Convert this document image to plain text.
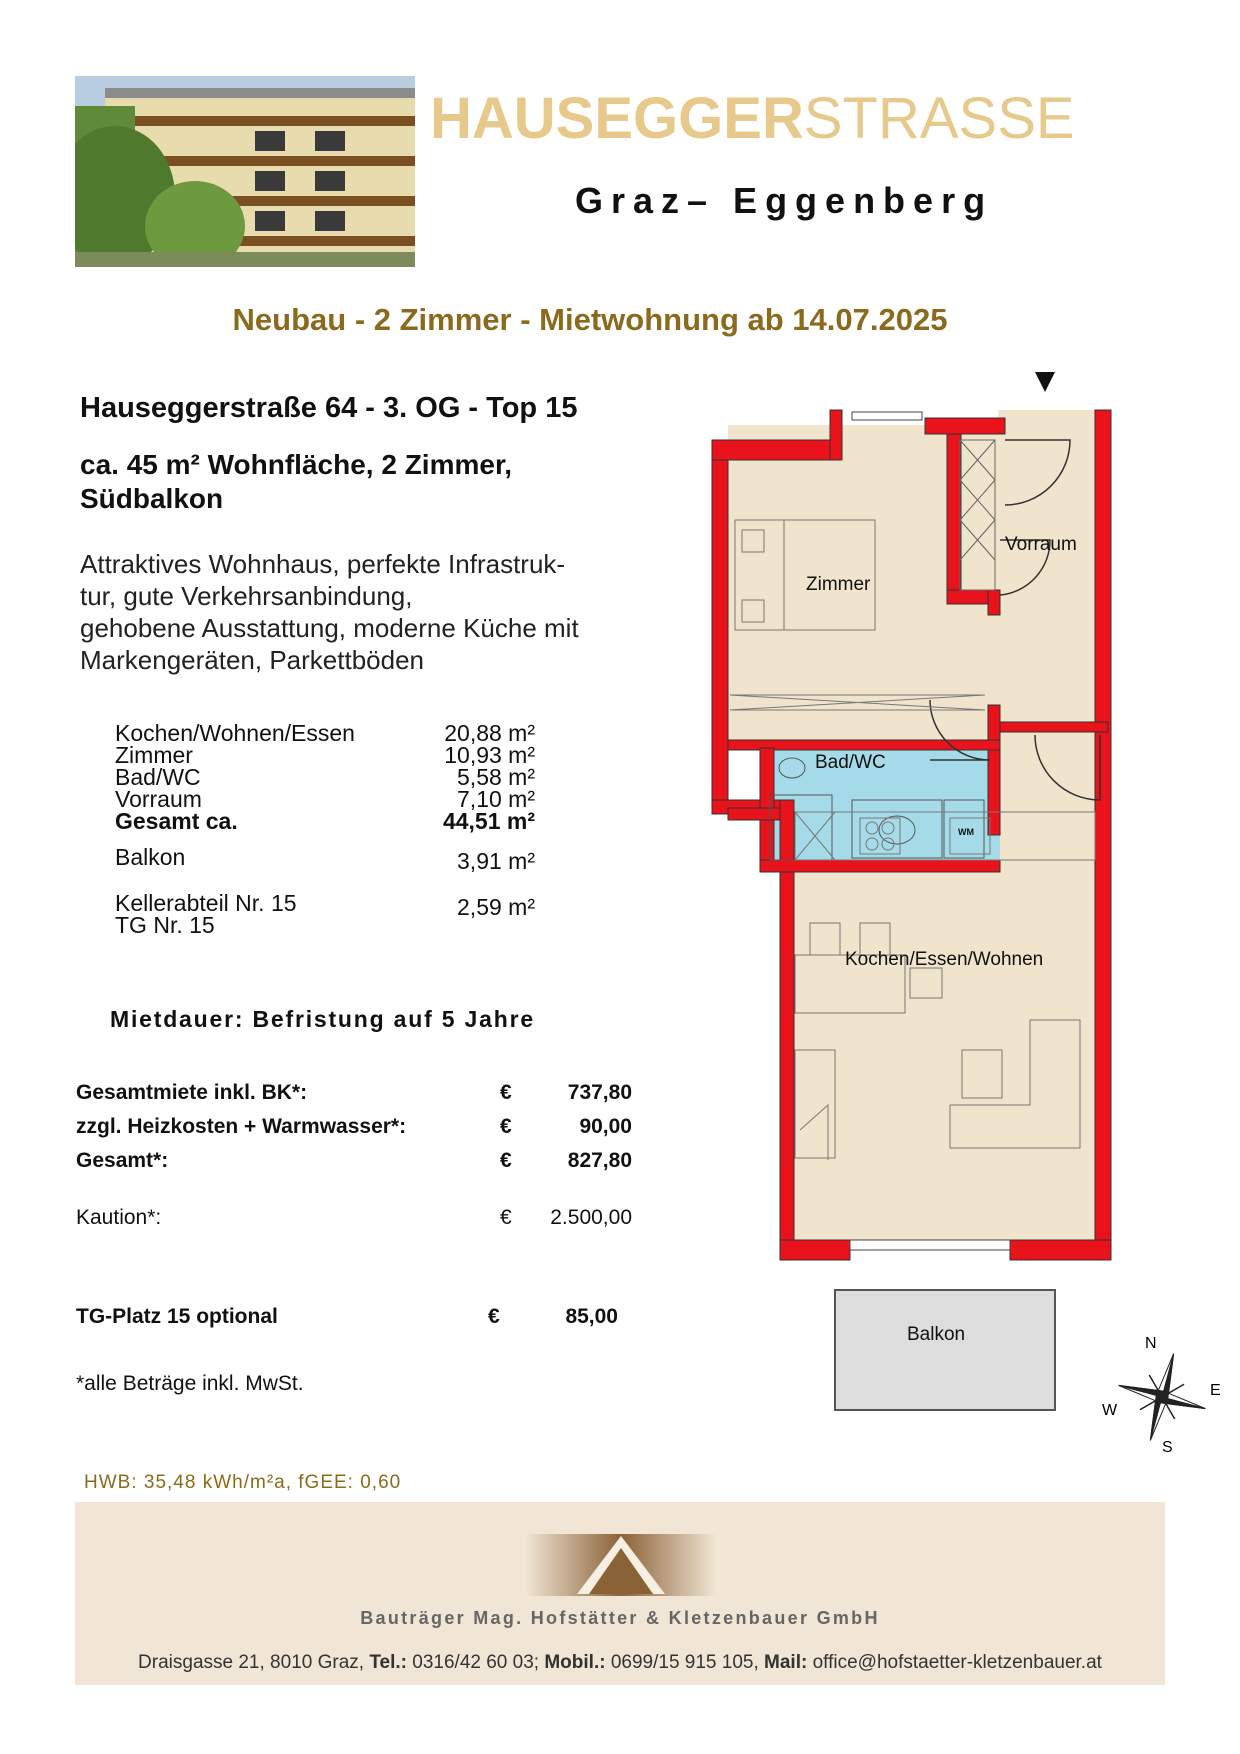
HAUSEGGERSTRASSE
Graz– Eggenberg
Neubau - 2 Zimmer - Mietwohnung ab 14.07.2025
Hauseggerstraße 64 - 3. OG - Top 15
ca. 45 m² Wohnfläche, 2 Zimmer,
Südbalkon
Attraktives Wohnhaus, perfekte Infrastruk-
tur, gute Verkehrsanbindung,
gehobene Ausstattung, moderne Küche mit
Markengeräten, Parkettböden
Kochen/Wohnen/Essen	20,88 m²
Zimmer	10,93 m²
Bad/WC	5,58 m²
Vorraum	7,10 m²
Gesamt ca.	44,51 m²
Balkon	3,91 m²
Kellerabteil Nr. 15	2,59 m²
TG Nr. 15
Mietdauer: Befristung auf 5 Jahre
Gesamtmiete inkl. BK*:	€	737,80
zzgl. Heizkosten + Warmwasser*:	€	90,00
Gesamt*:	€	827,80
Kaution*:	€ 2.500,00
TG-Platz 15 optional	€	85,00
*alle Beträge inkl. MwSt.
HWB: 35,48 kWh/m²a, fGEE: 0,60
Zimmer
Vorraum
Bad/WC
WM
Kochen/Essen/Wohnen
Balkon	N
E
S
W
Bauträger Mag. Hofstätter & Kletzenbauer GmbH
Draisgasse 21, 8010 Graz, Tel.: 0316/42 60 03; Mobil.: 0699/15 915 105, Mail: office@hofstaetter-kletzenbauer.at
